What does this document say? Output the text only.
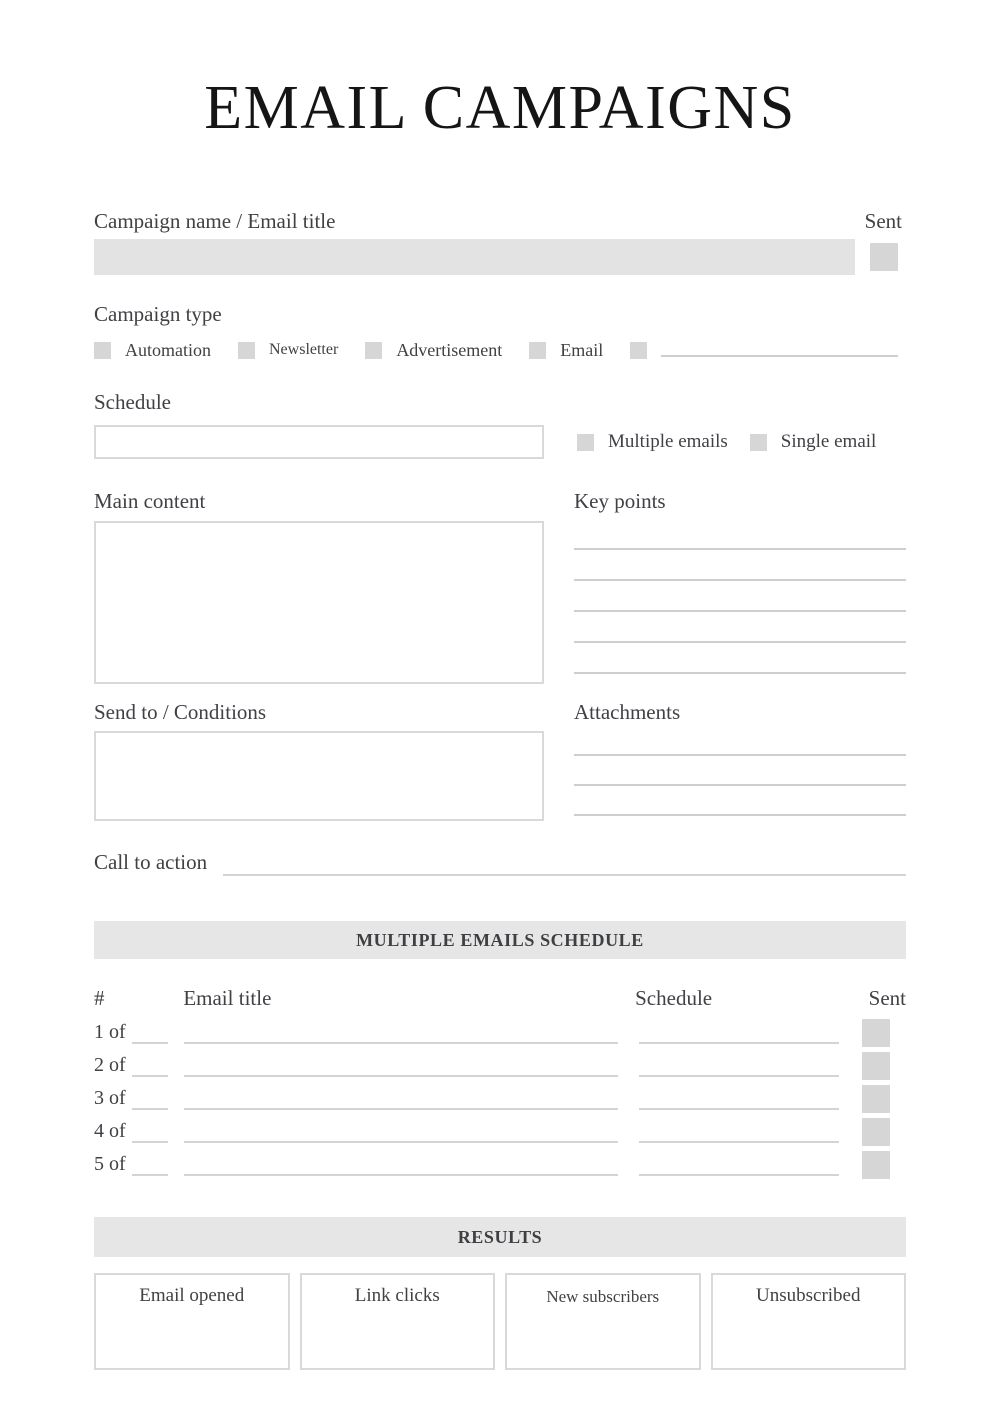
EMAIL CAMPAIGNS
Campaign name / Email title	Sent
Campaign type
Automation	Newsletter	Advertisement	Email
Schedule
Multiple emails	Single email
Main content	Key points
Send to / Conditions	Attachments
Call to action
MULTIPLE EMAILS SCHEDULE
#	Email title	Schedule	Sent
1 of
2 of
3 of
4 of
5 of
RESULTS
Email opened	Link clicks	New subscribers	Unsubscribed
